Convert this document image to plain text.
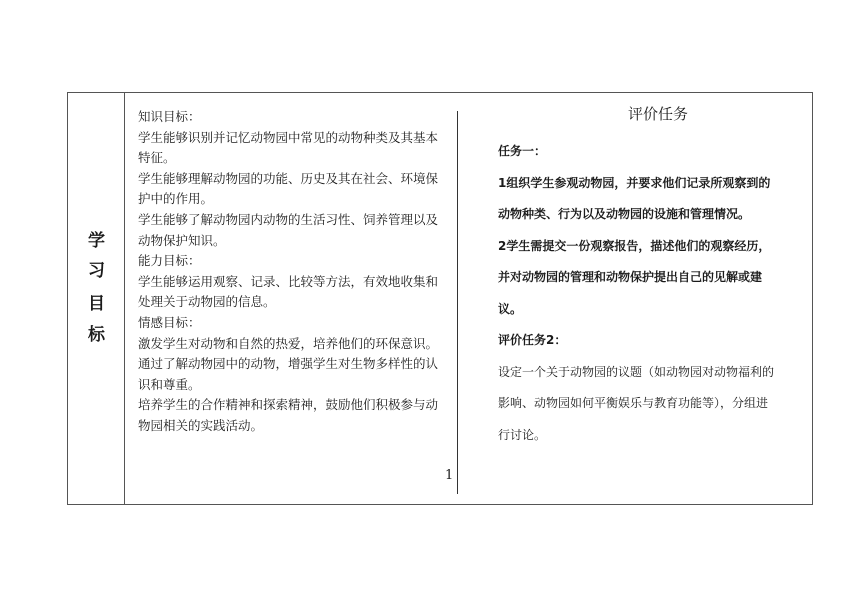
学
习
目
标

知识目标：

学生能够识别并记忆动物园中常见的动物种类及其基本

特征。

学生能够理解动物园的功能、历史及其在社会、环境保

护中的作用。

学生能够了解动物园内动物的生活习性、饲养管理以及

动物保护知识。

能力目标：

学生能够运用观察、记录、比较等方法，有效地收集和

处理关于动物园的信息。

情感目标：

激发学生对动物和自然的热爱，培养他们的环保意识。

通过了解动物园中的动物，增强学生对生物多样性的认

识和尊重。

培养学生的合作精神和探索精神，鼓励他们积极参与动

物园相关的实践活动。

1
评价任务

任务一：

1组织学生参观动物园，并要求他们记录所观察到的

动物种类、行为以及动物园的设施和管理情况。

2学生需提交一份观察报告，描述他们的观察经历，

并对动物园的管理和动物保护提出自己的见解或建

议。

评价任务2：

设定一个关于动物园的议题（如动物园对动物福利的

影响、动物园如何平衡娱乐与教育功能等），分组进

行讨论。
